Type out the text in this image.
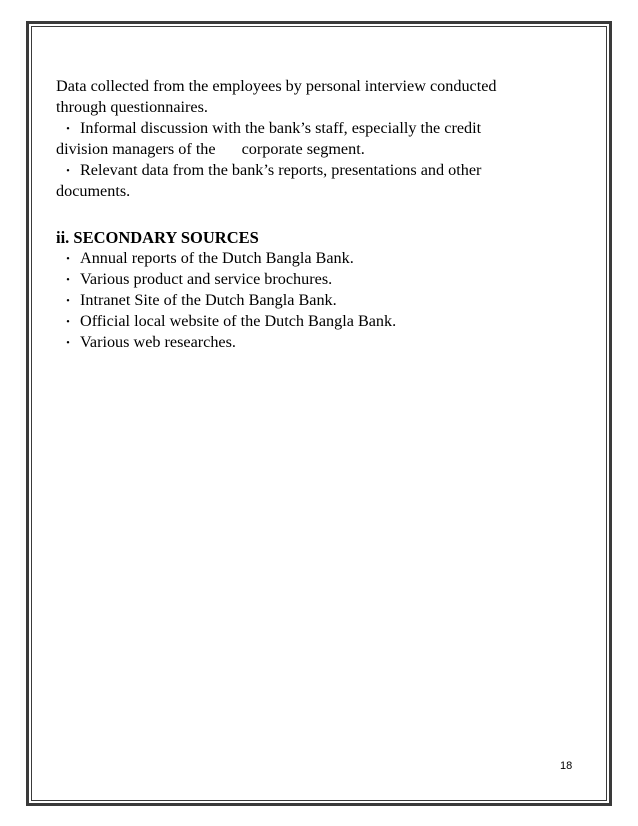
Data collected from the employees by personal interview conducted
through questionnaires.

・ Informal discussion with the bank’s staff, especially the credit

division managers of the corporate segment.

・ Relevant data from the bank’s reports, presentations and other

documents.

ii. SECONDARY SOURCES

・ Annual reports of the Dutch Bangla Bank.

・ Various product and service brochures.

・ Intranet Site of the Dutch Bangla Bank.

・ Official local website of the Dutch Bangla Bank.

・ Various web researches.

18
